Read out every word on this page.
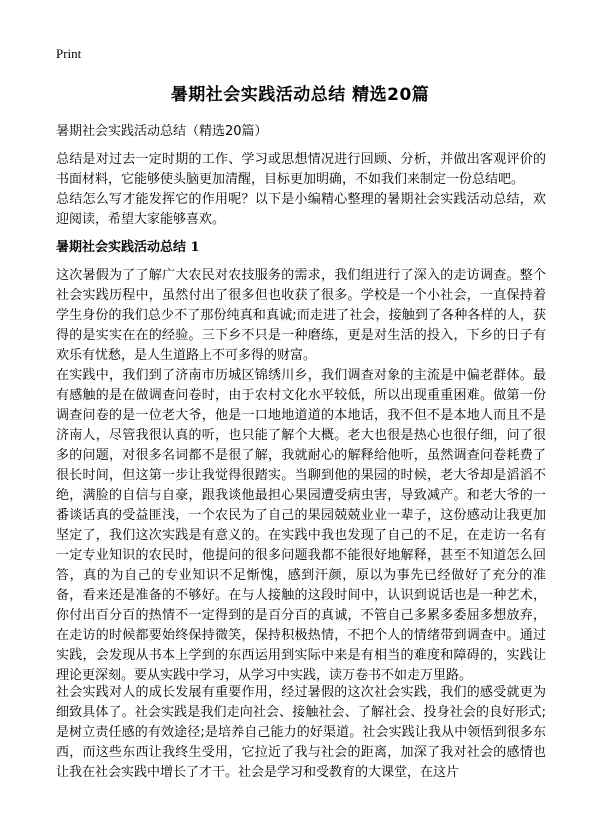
Print
暑期社会实践活动总结 精选20篇

暑期社会实践活动总结（精选20篇）

总结是对过去一定时期的工作、学习或思想情况进行回顾、分析，并做出客观评价的书面材料，它能够使头脑更加清醒，目标更加明确，不如我们来制定一份总结吧。

总结怎么写才能发挥它的作用呢？以下是小编精心整理的暑期社会实践活动总结，欢迎阅读，希望大家能够喜欢。

暑期社会实践活动总结 1

这次暑假为了了解广大农民对农技服务的需求，我们组进行了深入的走访调查。整个社会实践历程中，虽然付出了很多但也收获了很多。学校是一个小社会，一直保持着学生身份的我们总少不了那份纯真和真诚;而走进了社会，接触到了各种各样的人，获得的是实实在在的经验。三下乡不只是一种磨练，更是对生活的投入，下乡的日子有欢乐有忧愁，是人生道路上不可多得的财富。

在实践中，我们到了济南市历城区锦绣川乡，我们调查对象的主流是中偏老群体。最有感触的是在做调查问卷时，由于农村文化水平较低，所以出现重重困难。做第一份调查问卷的是一位老大爷，他是一口地地道道的本地话，我不但不是本地人而且不是济南人，尽管我很认真的听，也只能了解个大概。老大也很是热心也很仔细，问了很多的问题，对很多名词都不是很了解，我就耐心的解释给他听，虽然调查问卷耗费了很长时间，但这第一步让我觉得很踏实。当聊到他的果园的时候，老大爷却是滔滔不绝，满脸的自信与自豪，跟我谈他最担心果园遭受病虫害，导致减产。和老大爷的一番谈话真的受益匪浅，一个农民为了自己的果园兢兢业业一辈子，这份感动让我更加坚定了，我们这次实践是有意义的。在实践中我也发现了自己的不足，在走访一名有一定专业知识的农民时，他提问的很多问题我都不能很好地解释，甚至不知道怎么回答，真的为自己的专业知识不足惭愧，感到汗颜，原以为事先已经做好了充分的准备，看来还是准备的不够好。在与人接触的这段时间中，认识到说话也是一种艺术，你付出百分百的热情不一定得到的是百分百的真诚，不管自己多累多委屈多想放弃，在走访的时候都要始终保持微笑，保持积极热情，不把个人的情绪带到调查中。通过实践，会发现从书本上学到的东西运用到实际中来是有相当的难度和障碍的，实践让理论更深刻。要从实践中学习，从学习中实践，读万卷书不如走万里路。

社会实践对人的成长发展有重要作用，经过暑假的这次社会实践，我们的感受就更为细致具体了。社会实践是我们走向社会、接触社会、了解社会、投身社会的良好形式;是树立责任感的有效途径;是培养自己能力的好渠道。社会实践让我从中领悟到很多东西，而这些东西让我终生受用，它拉近了我与社会的距离，加深了我对社会的感情也让我在社会实践中增长了才干。社会是学习和受教育的大课堂，在这片
